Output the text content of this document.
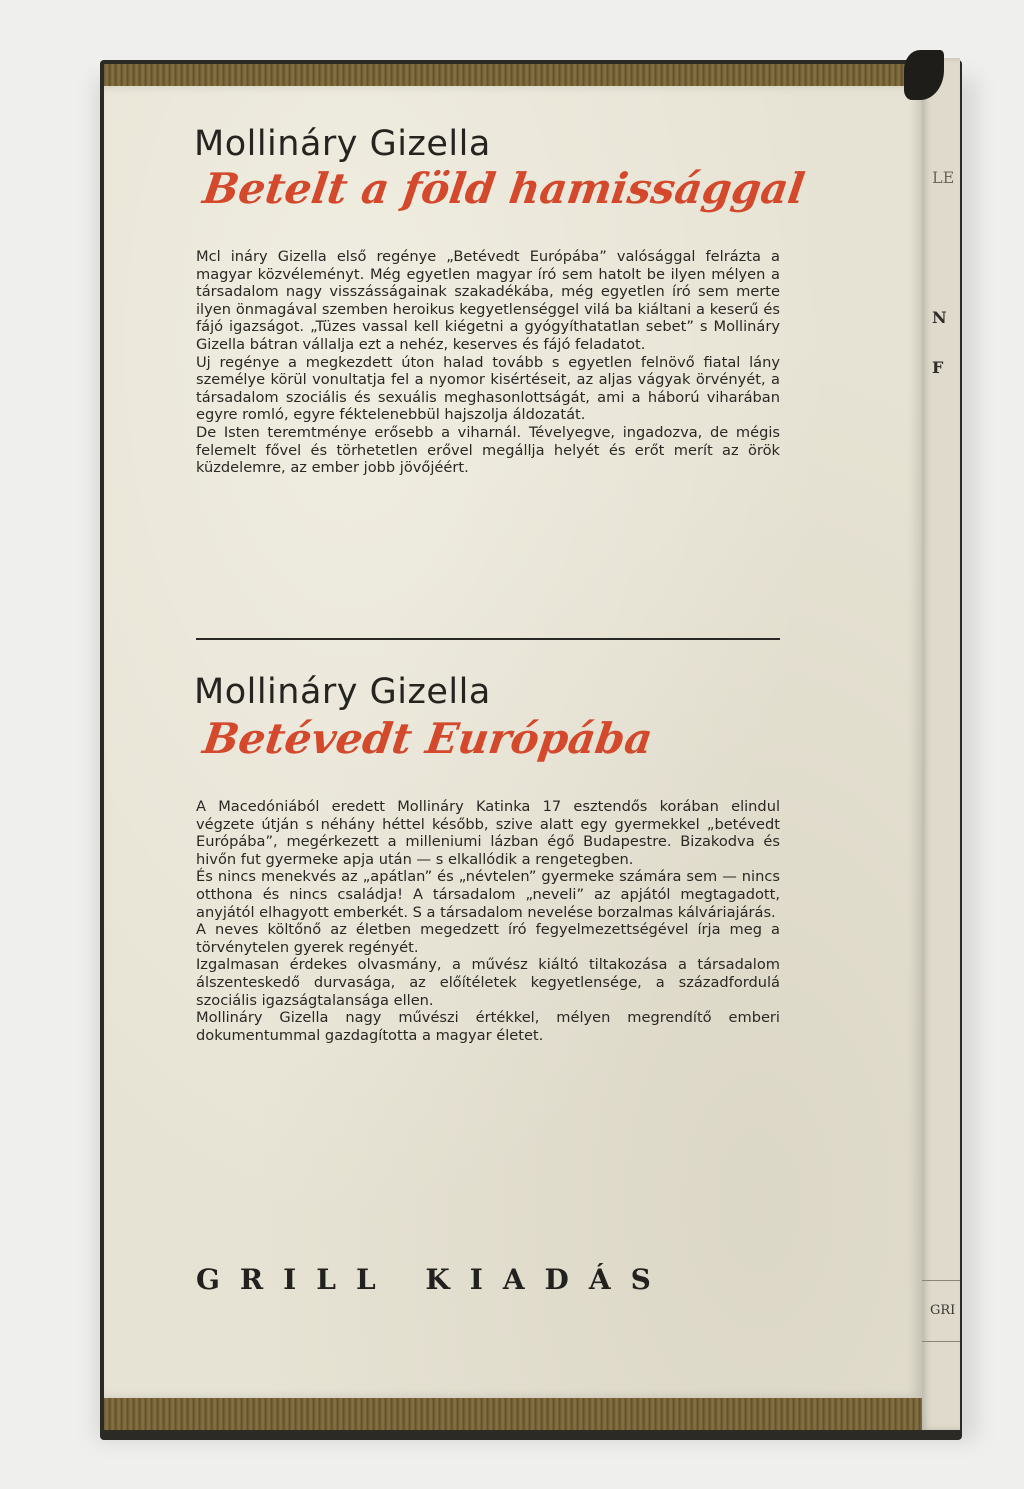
LE
N
F
GRI
Mollináry Gizella
Betelt a föld hamissággal

Mcl ináry Gizella első regénye „Betévedt Európába” valósággal felrázta a magyar közvéleményt. Még egyetlen magyar író sem hatolt be ilyen mélyen a társadalom nagy visszásságainak szakadékába, még egyetlen író sem merte ilyen önmagával szemben heroikus kegyetlenséggel vilá ba kiáltani a keserű és fájó igazságot. „Tüzes vassal kell kiégetni a gyógyíthatatlan sebet” s Mollináry Gizella bátran vállalja ezt a nehéz, keserves és fájó feladatot.

Uj regénye a megkezdett úton halad tovább s egyetlen felnövő fiatal lány személye körül vonultatja fel a nyomor kisértéseit, az aljas vágyak örvényét, a társadalom szociális és sexuális meghasonlottságát, ami a háború viharában egyre romló, egyre féktelenebbül hajszolja áldozatát.

De Isten teremtménye erősebb a viharnál. Tévelyegve, ingadozva, de mégis felemelt fővel és törhetetlen erővel megállja helyét és erőt merít az örök küzdelemre, az ember jobb jövőjéért.

Mollináry Gizella
Betévedt Európába

A Macedóniából eredett Mollináry Katinka 17 esztendős korában elindul végzete útján s néhány héttel később, szive alatt egy gyermekkel „betévedt Európába”, megérkezett a milleniumi lázban égő Budapestre. Bizakodva és hivőn fut gyermeke apja után — s elkallódik a rengetegben.

És nincs menekvés az „apátlan” és „névtelen” gyermeke számára sem — nincs otthona és nincs családja! A társadalom „neveli” az apjától megtagadott, anyjától elhagyott emberkét. S a társadalom nevelése borzalmas kálváriajárás.

A neves költőnő az életben megedzett író fegyelmezettségével írja meg a törvénytelen gyerek regényét.

Izgalmasan érdekes olvasmány, a művész kiáltó tiltakozása a társadalom álszenteskedő durvasága, az előítéletek kegyetlensége, a századfordulá szociális igazságtalansága ellen.

Mollináry Gizella nagy művészi értékkel, mélyen megrendítő emberi dokumentummal gazdagította a magyar életet.

GRILL KIADÁS
